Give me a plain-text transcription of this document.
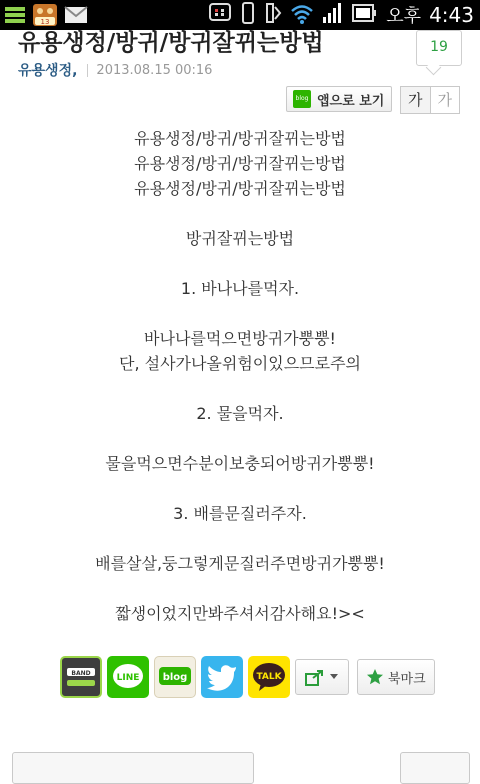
13	오후 4:43
유용생정/방귀/방귀잘뀌는방법
유용생정, 2013.08.15 00:16
19
blog 앱으로 보기	가	가
유용생정/방귀/방귀잘뀌는방법
유용생정/방귀/방귀잘뀌는방법
유용생정/방귀/방귀잘뀌는방법
방귀잘뀌는방법
1. 바나나를먹자.
바나나를먹으면방귀가뿡뿡!
단, 설사가나올위험이있으므로주의
2. 물을먹자.
물을먹으면수분이보충되어방귀가뿡뿡!
3. 배를문질러주자.
배를살살,둥그렇게문질러주면방귀가뿡뿡!
짧생이었지만봐주셔서감사해요!><
BAND	LINE blog	TALK	북마크
